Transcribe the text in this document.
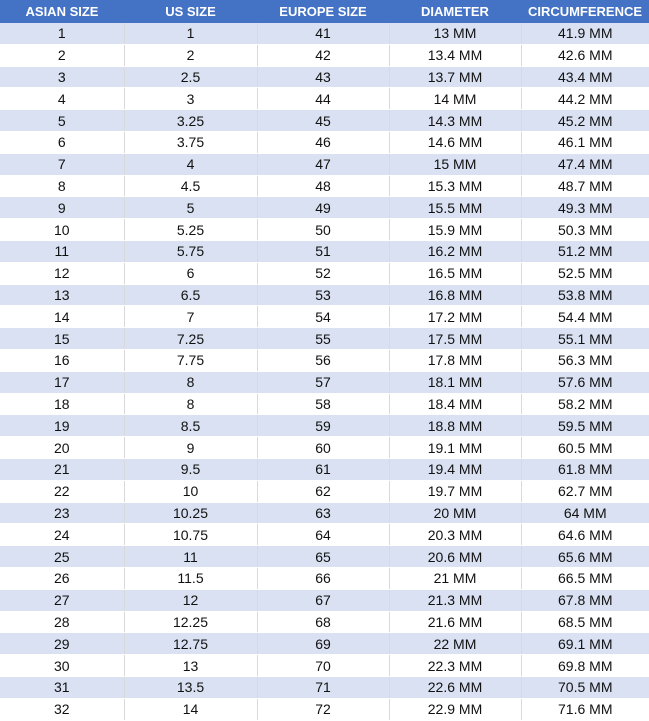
ASIAN SIZE	US SIZE	EUROPE SIZE	DIAMETER	CIRCUMFERENCE
1	1	41	13 MM	41.9 MM
2	2	42	13.4 MM	42.6 MM
3	2.5	43	13.7 MM	43.4 MM
4	3	44	14 MM	44.2 MM
5	3.25	45	14.3 MM	45.2 MM
6	3.75	46	14.6 MM	46.1 MM
7	4	47	15 MM	47.4 MM
8	4.5	48	15.3 MM	48.7 MM
9	5	49	15.5 MM	49.3 MM
10	5.25	50	15.9 MM	50.3 MM
11	5.75	51	16.2 MM	51.2 MM
12	6	52	16.5 MM	52.5 MM
13	6.5	53	16.8 MM	53.8 MM
14	7	54	17.2 MM	54.4 MM
15	7.25	55	17.5 MM	55.1 MM
16	7.75	56	17.8 MM	56.3 MM
17	8	57	18.1 MM	57.6 MM
18	8	58	18.4 MM	58.2 MM
19	8.5	59	18.8 MM	59.5 MM
20	9	60	19.1 MM	60.5 MM
21	9.5	61	19.4 MM	61.8 MM
22	10	62	19.7 MM	62.7 MM
23	10.25	63	20 MM	64 MM
24	10.75	64	20.3 MM	64.6 MM
25	11	65	20.6 MM	65.6 MM
26	11.5	66	21 MM	66.5 MM
27	12	67	21.3 MM	67.8 MM
28	12.25	68	21.6 MM	68.5 MM
29	12.75	69	22 MM	69.1 MM
30	13	70	22.3 MM	69.8 MM
31	13.5	71	22.6 MM	70.5 MM
32	14	72	22.9 MM	71.6 MM
